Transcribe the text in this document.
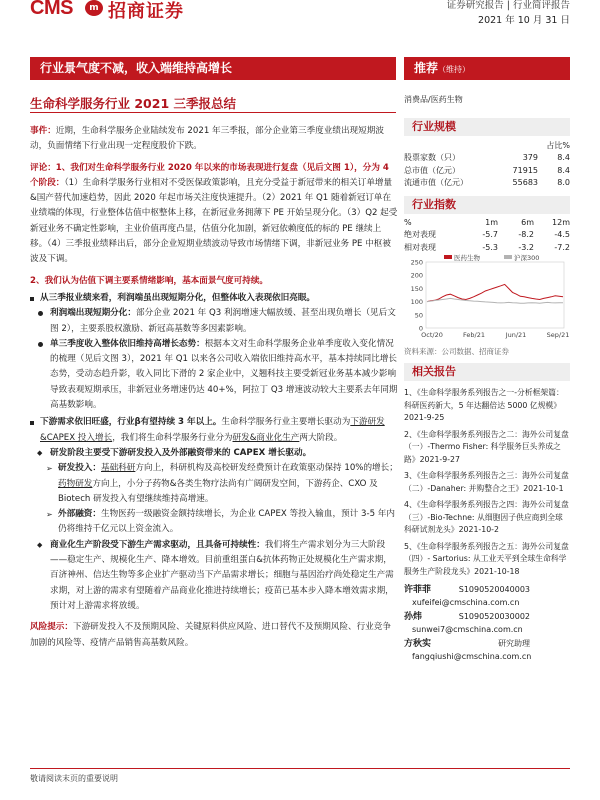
CMS	m 招商证券	证券研究报告 | 行业简评报告
2021 年 10 月 31 日
行业景气度不减，收入端维持高增长	推荐（维持）
生命科学服务行业 2021 三季报总结

事件：近期，生命科学服务企业陆续发布 2021 年三季报，部分企业第三季度业绩出现短期波动，负面情绪下行业出现一定程度股价下跌。

评论：1、我们对生命科学服务行业 2020 年以来的市场表现进行复盘（见后文图 1），分为 4 个阶段：（1）生命科学服务行业相对不受医保政策影响，且充分受益于新冠带来的相关订单增量&国产替代加速趋势，因此 2020 年起市场关注度快速提升。（2）2021 年 Q1 随着新冠订单在业绩端的体现，行业整体估值中枢整体上移，在新冠业务拥薄下 PE 开始呈现分化。（3）Q2 起受新冠业务不确定性影响，主业价值再度凸显，估值分化加剧，新冠依赖度低的标的 PE 继续上移。（4）三季报业绩释出后，部分企业短期业绩波动导致市场情绪下调，非新冠业务 PE 中枢被波及下调。

2、我们认为估值下调主要系情绪影响，基本面景气度可持续。

从三季报业绩来看，利润端虽出现短期分化，但整体收入表现依旧亮眼。
利润端出现短期分化：部分企业 2021 年 Q3 利润增速大幅放缓、甚至出现负增长（见后文图 2），主要系股权激励、新冠高基数等多因素影响。
单三季度收入整体依旧维持高增长态势：根据本文对生命科学服务企业单季度收入变化情况的梳理（见后文图 3），2021 年 Q1 以来各公司收入端依旧维持高水平，基本持续同比增长态势，受动态趋升影，收入同比下滑的 2 家企业中，义翘科技主要受新冠业务基本减少影响导致表观短期承压，非新冠业务增速仍达 40+%，阿拉丁 Q3 增速波动较大主要系去年同期高基数影响。
下游需求依旧旺盛，行业β有望持续 3 年以上。生命科学服务行业主要增长驱动为下游研发&CAPEX 投入增长，我们将生命科学服务行业分为研发&商业化生产两大阶段。
◆ 研发阶段主要受下游研发投入及外部融资带来的 CAPEX 增长驱动。
➢ 研发投入：基础科研方向上，科研机构及高校研发经费预计在政策驱动保持 10%的增长；药物研发方向上，小分子药物&各类生物疗法尚有广阔研发空间，下游药企、CXO 及 Biotech 研发投入有望继续维持高增速。
➢ 外部融资：生物医药一级融资金额持续增长，为企业 CAPEX 等投入输血，预计 3-5 年内仍将维持千亿元以上资金流入。
◆ 商业化生产阶段受下游生产需求驱动，且具备可持续性：我们将生产需求划分为三大阶段——稳定生产、规模化生产、降本增效。目前重组蛋白&抗体药物正处规模化生产需求期，百济神州、信达生物等多企业扩产驱动当下产品需求增长；细胞与基因治疗尚处稳定生产需求期，对上游的需求有望随着产品商业化推进持续增长；疫苗已基本步入降本增效需求期，预计对上游需求将放缓。

风险提示：下游研发投入不及预期风险、关键原料供应风险、进口替代不及预期风险、行业竞争加剧的风险等、疫情产品销售高基数风险。

消费品/医药生物
行业规模
占比%
股票家数（只）	379	8.4
总市值（亿元）	71915	8.4
流通市值（亿元）	55683	8.0
行业指数
%	1m	6m	12m
绝对表现	-5.7	-8.2	-4.5
相对表现	-5.3	-3.2	-7.2
250
200
150
100
50
0
Oct/20	Feb/21	Jun/21	Sep/21
医药生物	沪深300
资料来源：公司数据、招商证券
相关报告
1、《生命科学服务系列报告之一-分析框架篇：科研医药新大，5 年达翻倍达 5000 亿规模》2021-9-25
2、《生命科学服务系列报告之二：海外公司复盘（一）-Thermo Fisher: 科学服务巨头养成之路》2021-9-27
3、《生命科学服务系列报告之三：海外公司复盘（二）-Danaher: 并购整合之王》2021-10-1
4、《生命科学服务系列报告之四：海外公司复盘（三）-Bio-Techne: 从细胞因子供应商到全球科研试剂龙头》2021-10-2
5、《生命科学服务系列报告之五：海外公司复盘（四）- Sartorius: 从工业天平到全球生命科学服务生产阶段龙头》2021-10-18
许菲菲	S1090520040003
xufeifei@cmschina.com.cn
孙炜	S1090520030002
sunwei7@cmschina.com.cn
方秋实	研究助理
fangqiushi@cmschina.com.cn
敬请阅读末页的重要说明
